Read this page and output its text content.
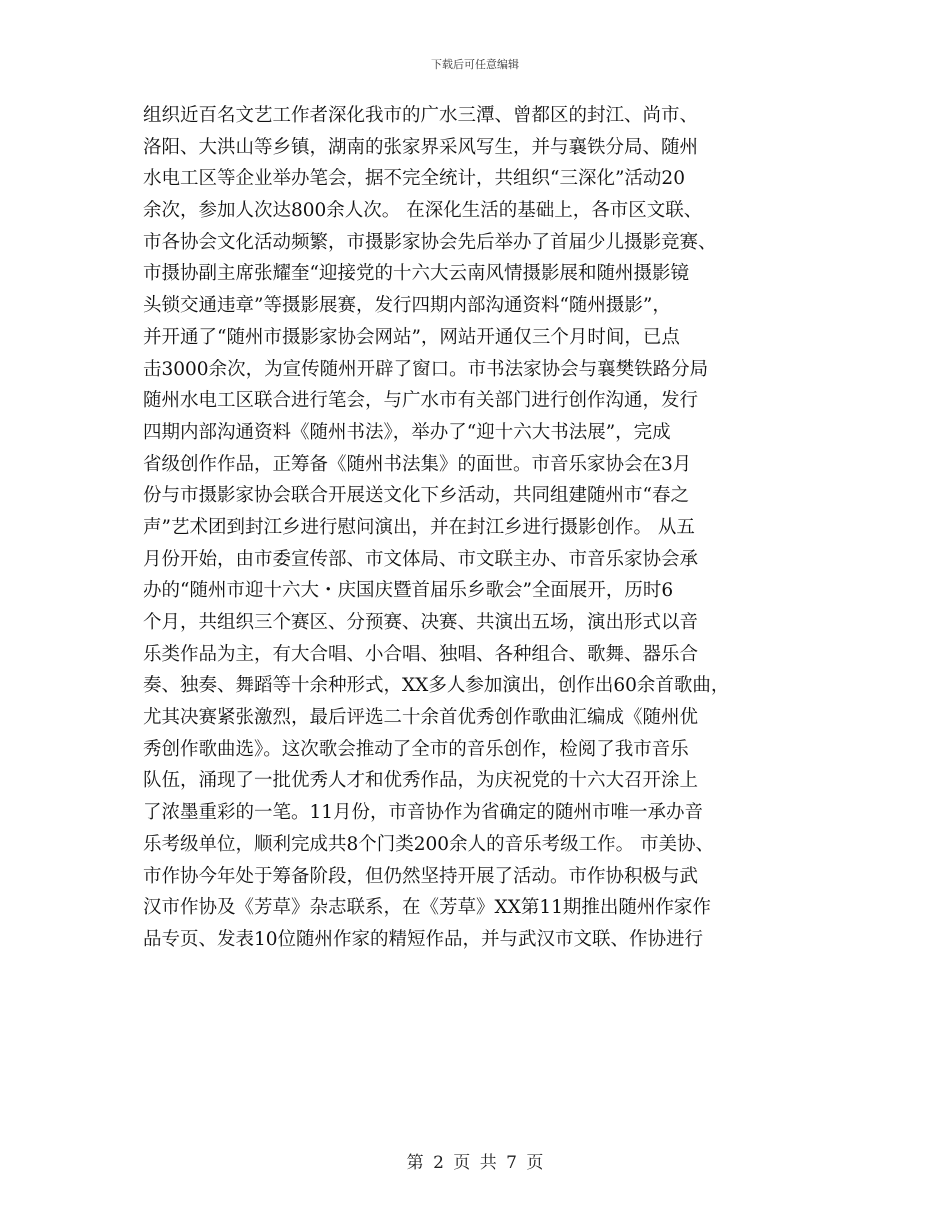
下载后可任意编辑
组织近百名文艺工作者深化我市的广水三潭、曾都区的封江、尚市、
洛阳、大洪山等乡镇，湖南的张家界采风写生，并与襄铁分局、随州
水电工区等企业举办笔会，据不完全统计，共组织“三深化”活动20
余次，参加人次达800余人次。 在深化生活的基础上，各市区文联、
市各协会文化活动频繁，市摄影家协会先后举办了首届少儿摄影竞赛、
市摄协副主席张耀奎“迎接党的十六大云南风情摄影展和随州摄影镜
头锁交通违章”等摄影展赛，发行四期内部沟通资料“随州摄影”，
并开通了“随州市摄影家协会网站”，网站开通仅三个月时间，已点
击3000余次，为宣传随州开辟了窗口。市书法家协会与襄樊铁路分局
随州水电工区联合进行笔会，与广水市有关部门进行创作沟通，发行
四期内部沟通资料《随州书法》，举办了“迎十六大书法展”，完成
省级创作作品，正筹备《随州书法集》的面世。市音乐家协会在3月
份与市摄影家协会联合开展送文化下乡活动，共同组建随州市“春之
声”艺术团到封江乡进行慰问演出，并在封江乡进行摄影创作。 从五
月份开始，由市委宣传部、市文体局、市文联主办、市音乐家协会承
办的“随州市迎十六大・庆国庆暨首届乐乡歌会”全面展开，历时6
个月，共组织三个赛区、分预赛、决赛、共演出五场，演出形式以音
乐类作品为主，有大合唱、小合唱、独唱、各种组合、歌舞、器乐合
奏、独奏、舞蹈等十余种形式，XX多人参加演出，创作出60余首歌曲，
尤其决赛紧张激烈，最后评选二十余首优秀创作歌曲汇编成《随州优
秀创作歌曲选》。这次歌会推动了全市的音乐创作，检阅了我市音乐
队伍，涌现了一批优秀人才和优秀作品，为庆祝党的十六大召开涂上
了浓墨重彩的一笔。11月份，市音协作为省确定的随州市唯一承办音
乐考级单位，顺利完成共8个门类200余人的音乐考级工作。 市美协、
市作协今年处于筹备阶段，但仍然坚持开展了活动。市作协积极与武
汉市作协及《芳草》杂志联系，在《芳草》XX第11期推出随州作家作
品专页、发表10位随州作家的精短作品，并与武汉市文联、作协进行
第 2 页 共 7 页
